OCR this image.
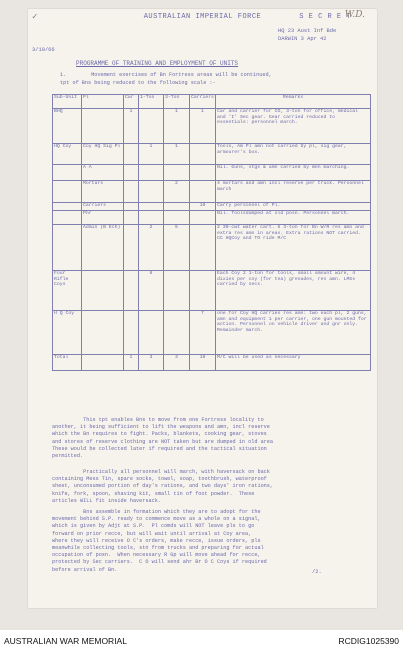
✓	AUSTRALIAN IMPERIAL FORCE	S E C R E T
W.D.
3/10/66
HQ 23 Aust Inf Bde
DARWIN 3 Apr 42
PROGRAMME OF TRAINING AND EMPLOYMENT OF UNITS
1.        Movement exercises of Bn Fortress areas will be continued,
tpt of Bns being reduced to the following scale :-
Sub-Unit	Pl	Car	1-Ton	3-Ton	Carriers	Remarks
BHQ		1		1	1	Car and carrier for CO, 3-ton for office, medical and 'I' Sec gear. Gear carried reduced to essentials: personnel march.
HQ Coy	Coy HQ Sig Pl		1	1		Tools, Am Pl amn not carried by pl, sig gear, armourer's box.
	A A					Nil. Guns, stgs & amn carried by men marching.
	Mortars			2		4 mortars and amn incl reserve per truck. Personnel march
	Carriers				10	Carry personnel of Pl.
	Pnr					Nil. Toolsdumped at old posn. Personnel march.
	Admin (B Ech)		2	5		2 30-cwt water cart. 5 3-ton for Bn W/R res amn and extra res amn in areas. Extra rations NOT carried. CC HQCoy and TO ride M/C
Four Rifle Coys			8			Each Coy 2 1-ton for tools, small amount wire, 4 dixies per coy (for tea) grenades, res amn. LMGs carried by secs.
H Q Coy					7	one for Coy HQ carries res amn: two each pl, 2 guns, amn and equipment 1 per carrier, one gun mounted for action. Personnel on vehicle driver and gnr only. Remainder march.
Total		1	3	3	18	M/C will be used as necessary
This tpt enables Bns to move from one Fortress locality to
another, it being sufficient to lift the weapons and amn, incl reserve
which the Bn requires to fight. Packs, blankets, cooking gear, stoves
and stores of reserve clothing are NOT taken but are dumped in old area
These would be collected later if required and the tactical situation
permitted.
Practically all personnel will march, with haversack on back
containing Mess Tin, spare socks, towel, soap, toothbrush, waterproof
sheet, unconsumed portion of day's rations, and two days' iron rations,
knife, fork, spoon, shaving kit, small tin of foot powder.  These
articles WILL fit inside haversack.
Bns assemble in formation which they are to adopt for the
movement behind S.P. ready to commence move as a whole on a signal,
which is given by Adjt at S.P.  Pl comds will NOT leave pls to go
forward on prior recce, but will wait until arrival at Coy area,
where they will receive O C's orders, make recce, issue orders, pls
meanwhile collecting tools, stn from trucks and preparing for actual
occupation of posn.  When necessary R Gp will move ahead for recce,
protected by Sec carriers.  C O will send ahr Br O C Coys if required
before arrival of Bn.	/2.
AUSTRALIAN WAR MEMORIAL	RCDIG1025390
